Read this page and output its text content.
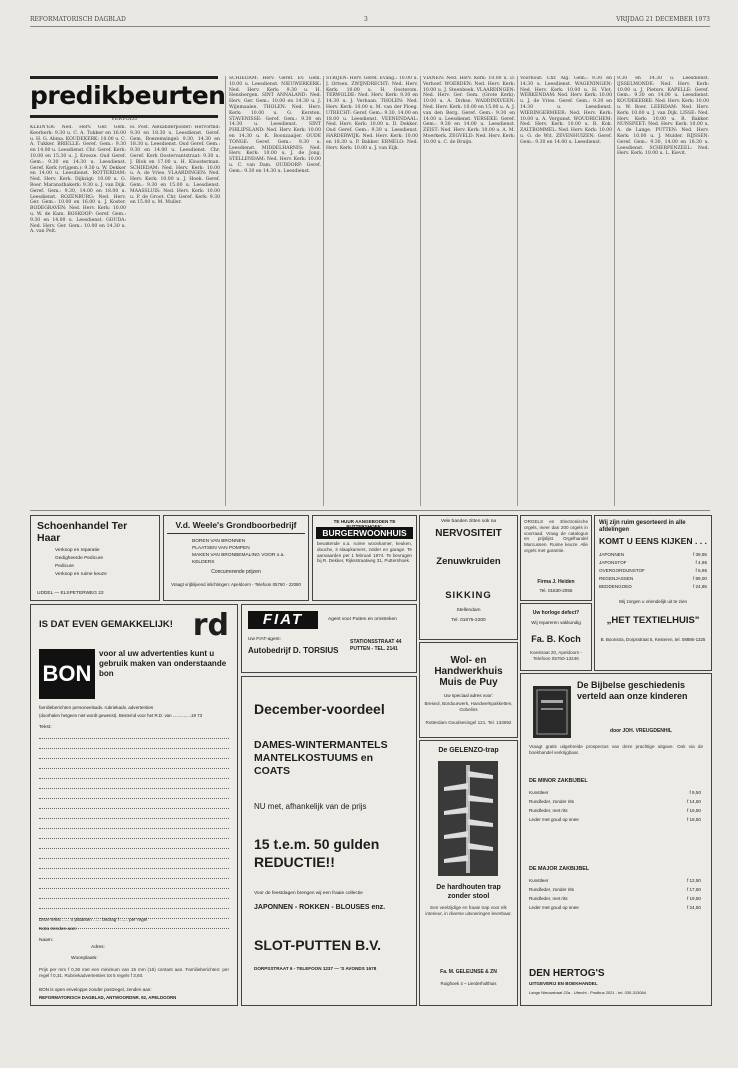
REFORMATORISCH DAGBLAD	3	VRIJDAG 21 DECEMBER 1973
predikbeurten
VERVOLG
KLEIN'ER: Ned. Herv. Ger. Gem. Keerkerk: 9.30 u. C. A. Tukker en 16.00 u. H. G. Abma. KOUDEKERK: 10.00 u. C. A. Tukker. BRIELLE: Geref. Gem.: 9.30 en 14.00 u. Leesdienst. Chr. Geref. Kerk: 10.00 en 15.30 u. J. Kroeze. Oud Geref. Gem.: 9.30 en 14.30 u. Leesdienst. Geref. Kerk (vrijgem.): 9.30 u. W. Dekker en 14.00 u. Leesdienst. ROTTERDAM: Ned. Herv. Kerk. Dijkzigt: 10.00 u. G. Boer. Maranathakerk: 9.30 u. J. van Dijk. Geref. Gem.: 9.30, 14.00 en 18.00 u. Leesdienst. ROZENBURG: Ned. Herv. Ger. Gem.: 10.00 en 16.00 u. J. Koster. BODEGRAVEN: Ned. Herv. Kerk: 10.00 u. W. de Kam. BOSKOOP: Geref. Gem.: 9.30 en 14.00 u. Leesdienst. GOUDA: Ned. Herv. Ger. Gem.: 10.00 en 14.30 u. A. van Pelt.
H. Post. Alexanderpolder: Hervormd: 9.30 en 18.30 u. Leesdienst. Geref. Gem. Boezemsingel: 9.30, 14.30 en 18.30 u. Leesdienst. Oud Geref. Gem.: 9.30 en 14.00 u. Leesdienst. Chr. Geref. Kerk Oostervantstraat: 9.30 u. J. Blok en 17.00 u. H. Kloosterman. SCHIEDAM: Ned. Herv. Kerk: 10.00 u. A. de Vries. VLAARDINGEN: Ned. Herv. Kerk: 10.00 u. J. Hoek. Geref. Gem.: 9.30 en 15.00 u. Leesdienst. MAASSLUIS: Ned. Herv. Kerk: 10.00 u. P. de Groot. Chr. Geref. Kerk: 9.30 en 15.00 u. M. Muller.
SCHIEDAM: Herv. Geref. Ev. Gem. 10.00 u. Leesdienst. NIEUWERKERK: Ned. Herv. Kerk: 9.30 u. H. Hensbergen. SINT ANNALAND: Ned. Herv. Ger. Gem.: 10.00 en 14.30 u. J. Wijnmaalen. THOLEN: Ned. Herv. Kerk: 10.00 u. G. Kersten. STAVENISSE: Geref. Gem.: 9.30 en 14.30 u. Leesdienst. SINT PHILIPSLAND: Ned. Herv. Kerk: 10.00 en 14.30 u. K. Boonzaaijer. OUDE TONGE: Geref. Gem.: 9.30 u. Leesdienst. MIDDELHARNIS: Ned. Herv. Kerk: 10.00 u. J. de Jong. STELLENDAM: Ned. Herv. Kerk: 10.00 u. C. van Dam. OUDDORP: Geref. Gem.: 9.30 en 14.30 u. Leesdienst.
STRIJEN: Herv. Geref. Evang.: 10.00 u. J. Ortsen. ZWIJNDRECHT: Ned. Herv. Kerk: 10.00 u. H. Oosterom. TERWOLDE: Ned. Herv. Kerk: 9.30 en 14.30 u. J. Verbaan. THOLEN: Ned. Herv. Kerk: 10.00 u. M. van der Ploeg. UTRECHT: Geref. Gem.: 9.30, 14.00 en 18.00 u. Leesdienst. VEENENDAAL: Ned. Herv. Kerk: 10.00 u. D. Dekker. Oud Geref. Gem.: 9.30 u. Leesdienst. HARDERWIJK: Ned. Herv. Kerk: 10.00 en 18.30 u. P. Bakker. ERMELO: Ned. Herv. Kerk: 10.00 u. J. van Eijk.
VIANEN: Ned. Herv. Kerk: 10.00 u. D. Verhoef. WOERDEN: Ned. Herv. Kerk: 10.00 u. J. Steenbeek. VLAARDINGEN: Ned. Herv. Ger. Gem. (Grote Kerk): 10.00 u. A. Dirkse. WADDINXVEEN: Ned. Herv. Kerk: 10.00 en 15.00 u. A. J. van den Berg. Geref. Gem.: 9.30 en 14.00 u. Leesdienst. YERSEKE: Geref. Gem.: 9.30 en 14.00 u. Leesdienst. ZEIST: Ned. Herv. Kerk: 10.00 u. A. M. Moerkerk. ZEGVELD: Ned. Herv. Kerk: 10.00 u. C. de Bruijn.
Voorhout: Chr. Alg. Gem.: 9.30 en 14.30 u. Leesdienst. WAGENINGEN: Ned. Herv. Kerk: 10.00 u. H. Vlot. WERKENDAM: Ned. Herv. Kerk: 10.00 u. J. de Vries. Geref. Gem.: 9.30 en 14.30 u. Leesdienst. WIERINGERMEER: Ned. Herv. Kerk: 10.00 u. A. Vergunst. WOUDRICHEM: Ned. Herv. Kerk: 10.00 u. R. Kok. ZALTBOMMEL: Ned. Herv. Kerk: 10.00 u. G. de Wit. ZEVENHUIZEN: Geref. Gem.: 9.30 en 14.00 u. Leesdienst.
9.30 en 14.30 u. Leesdienst. IJSSELMONDE: Ned. Herv. Kerk: 10.00 u. J. Pieters. KAPELLE: Geref. Gem.: 9.30 en 14.00 u. Leesdienst. KOUDEKERKE: Ned. Herv. Kerk: 10.00 u. W. Boer. LEERDAM: Ned. Herv. Kerk: 10.00 u. J. van Dijk. LISSE: Ned. Herv. Kerk: 10.00 u. R. Bakker. NUNSPEET: Ned. Herv. Kerk: 10.00 u. A. de Lange. PUTTEN: Ned. Herv. Kerk: 10.00 u. J. Mulder. RIJSSEN: Geref. Gem.: 9.30, 14.00 en 18.30 u. Leesdienst. SCHERPENZEEL: Ned. Herv. Kerk: 10.00 u. L. Kievit.
Schoenhandel Ter Haar
Verkoop en reparatie
Gedigheerde Pedicure
Pedicure
Verkoop en ruime keuze
UDDEL — ELSPETERWEG 22
V.d. Weele's Grondboorbedrijf
BOREN VAN BRONNEN
PLAATSEN VAN POMPEN
MAKEN VAN BRONBEMALING VOOR o.a. KELDERS
Concurrerende prijzen
Vraagt vrijblijvend inlichtingen: Apeldoorn - Telefoon 05760 - 22080
TE HUUR AANGEBODEN TE
BURGERWOONHUIS
bevattende o.a. ruime woonkamer, keuken, douche, 3 slaapkamers, zolder en garage. Te aanvaarden per 1 februari 1974. Te bevragen bij R. Dekker, Rijksstraatweg 31, Puttershoek.
Vele banden zitten ook na
NERVOSITEIT
Zenuwkruiden
SIKKING
Stellendam
Tel. 01875-2200
ORGELS en Electronische orgels, meer dan 200 orgels in voorraad. Vraag de catalogus en prijslijst. Orgelhandel Marcussen. Ruime keuze. Alle orgels met garantie.
Firma J. Heiden
Tel. 01830-2055
Uw horloge defect?
Wij repareren vakkundig
Fa. B. Koch
Koestraat 20, Apeldoorn - Telefoon 05760-13246
Wij zijn ruim gesorteerd in alle afdelingen
KOMT U EENS KIJKEN . . .
JAPONNEN	f 39,95
JAPONSTOF	f 4,95
OVERGORDIJNSTOF	f 6,95
REGENJASSEN	f 89,00
BEDDENGOED	f 24,95
Wij zorgen u vriendelijk uit te zien
„HET TEXTIELHUIS"
B. Boonstra, Dorpsstraat 5, Kesteren, tel. 08886-1325
IS DAT EVEN GEMAKKELIJK! rd
BON
voor al uw advertenties kunt u gebruik maken van onderstaande bon
familieberichten personeelsadv. rubriekadv. advertenties
(doorhalen hetgeen niet wordt gewenst). Bestemd voor het R.D. van ...............19 73
Tekst:
Deze tekst ...... x plaatsen ...... bedrag f ...... per regel
Nota zenden aan:
Naam:
Adres:
Woonplaats:
Prijs per mm f 0,36 met een minimum van 15 mm (16) contant aan. Familieberichten: per regel f 0,31. Rubriekadvertenties tot 5 regels f 3,60.
BON is open enveloppe zonder postzegel, zenden aan:
REFORMATORISCH DAGBLAD, ANTWOORDNR. 92, APELDOORN
FIAT	Agent voor Putten en omstreken
Uw FIAT-agent:
Autobedrijf D. TORSIUS
STATIONSSTRAAT 44 PUTTEN - TEL. 2141
December-voordeel
DAMES-WINTERMANTELS MANTELKOSTUUMS en COATS
NU met, afhankelijk van de prijs
15 t.e.m. 50 gulden REDUCTIE!!
Voor de feestdagen brengen wij een fraaie collectie
JAPONNEN - ROKKEN - BLOUSES enz.
SLOT-PUTTEN B.V.
DORPSSTRAAT 6 - TELEFOON 1237 — 'S AVONDS 1678
Wol- en Handwerkhuis Muis de Puy
Uw speciaal adres voor:
Breiwol, Borduurwerk, Handwerkpakketten, Gobelins
Rotterdam Goudsesingel 121. Tel. 133692
De GELENZO-trap
De hardhouten trap zonder stool
Een veelzijdige en fraaie trap voor elk interieur, in diverse uitvoeringen leverbaar.
Fa. M. GELEIJNSE & ZN
Ruighoek 4 – Lierderholthuis
De Bijbelse geschiedenis verteld aan onze kinderen
door JOH. VREUGDENHIL
Vraagt gratis uitgebreide prospectus van deze prachtige uitgave. Ook via de boekhandel verkrijgbaar.
DE MINOR ZAKBIJBEL
Kunstleer	f 9,50
Rundleder, zonder rits	f 14,50
Rundleder, met rits	f 16,50
Leder met goud op snee	f 18,50
DE MAJOR ZAKBIJBEL
Kunstleer	f 12,50
Rundleder, zonder rits	f 17,50
Rundleder, met rits	f 19,50
Leder met goud op snee	f 24,50
DEN HERTOG'S
UITGEVERIJ EN BOEKHANDEL
Lange Nieuwstraat 22a - Utrecht - Postbus 2021 - tel. 030-313084
